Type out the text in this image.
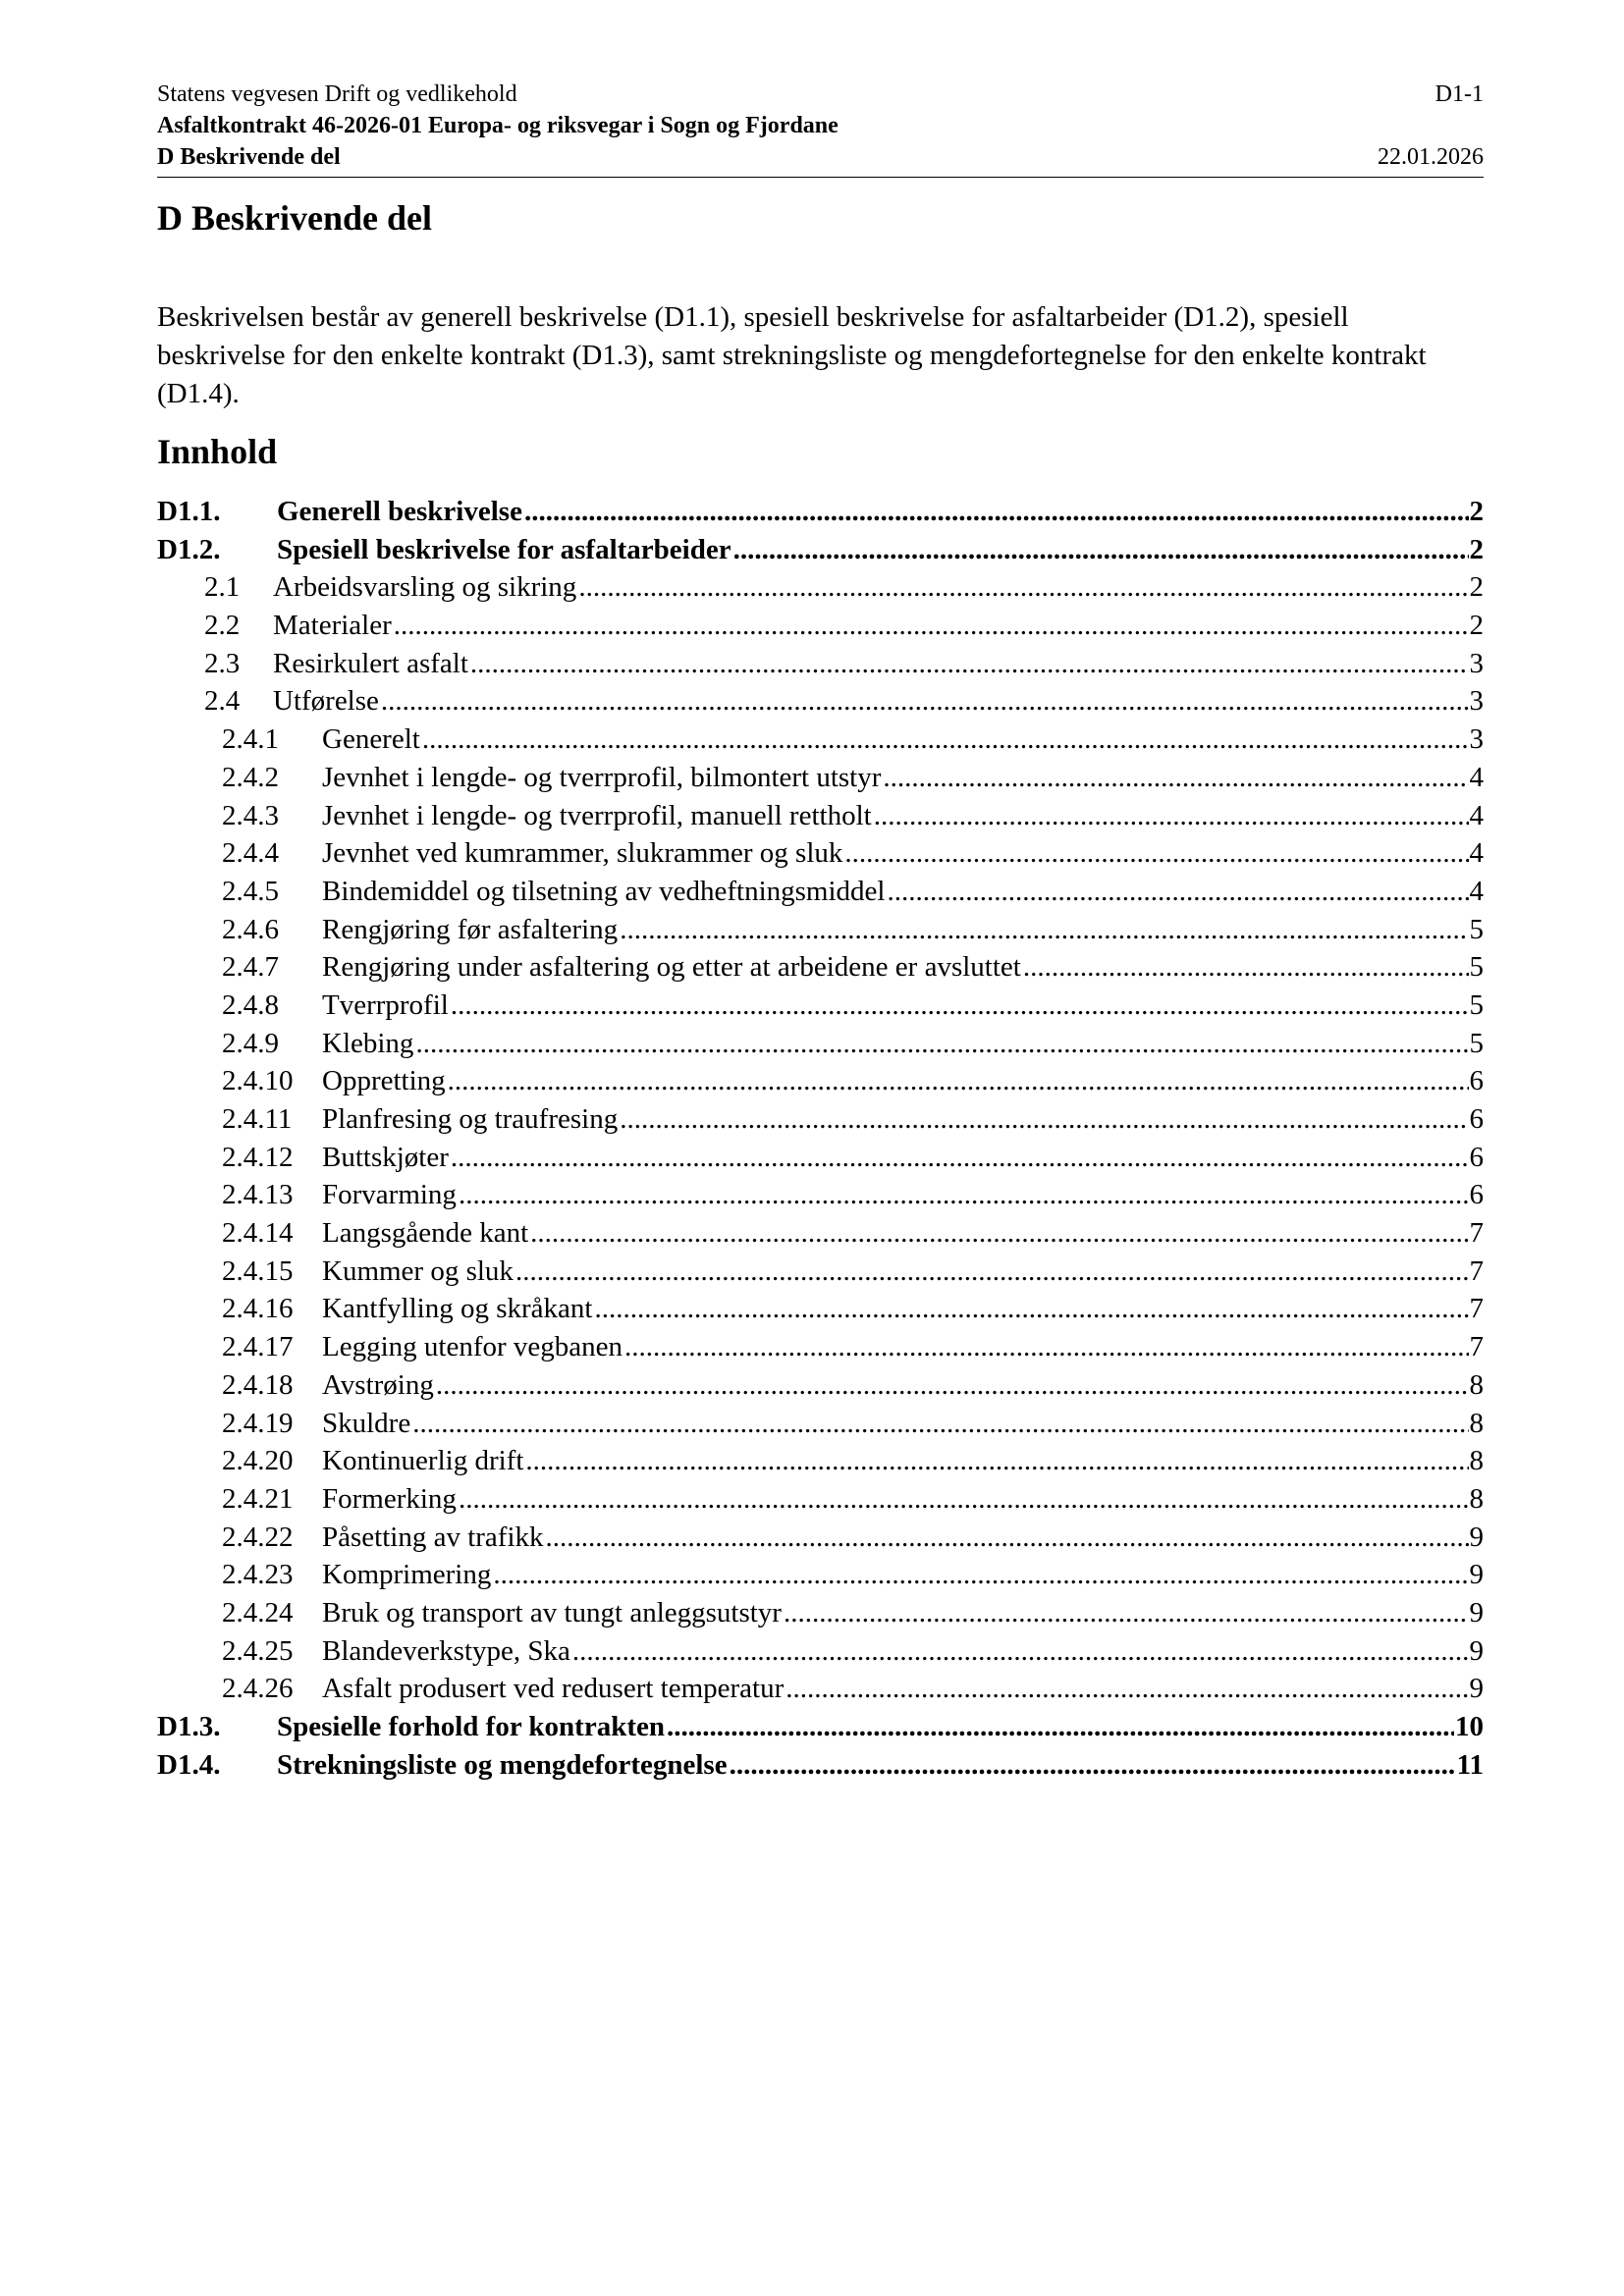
Statens vegvesen Drift og vedlikehold	D1-1
Asfaltkontrakt 46-2026-01 Europa- og riksvegar i Sogn og Fjordane
D Beskrivende del	22.01.2026
D Beskrivende del

Beskrivelsen består av generell beskrivelse (D1.1), spesiell beskrivelse for asfaltarbeider (D1.2), spesiell beskrivelse for den enkelte kontrakt (D1.3), samt strekningsliste og mengdefortegnelse for den enkelte kontrakt (D1.4).

Innhold
D1.1. Generell beskrivelse .....	2
D1.2. Spesiell beskrivelse for asfaltarbeider .....	2
2.1 Arbeidsvarsling og sikring .....	2
2.2 Materialer .....	2
2.3 Resirkulert asfalt .....	3
2.4 Utførelse .....	3
2.4.1 Generelt .....	3
2.4.2 Jevnhet i lengde- og tverrprofil, bilmontert utstyr .....	4
2.4.3 Jevnhet i lengde- og tverrprofil, manuell rettholt .....	4
2.4.4 Jevnhet ved kumrammer, slukrammer og sluk .....	4
2.4.5 Bindemiddel og tilsetning av vedheftningsmiddel .....	4
2.4.6 Rengjøring før asfaltering .....	5
2.4.7 Rengjøring under asfaltering og etter at arbeidene er avsluttet .....	5
2.4.8 Tverrprofil .....	5
2.4.9 Klebing .....	5
2.4.10 Oppretting .....	6
2.4.11 Planfresing og traufresing .....	6
2.4.12 Buttskjøter .....	6
2.4.13 Forvarming .....	6
2.4.14 Langsgående kant .....	7
2.4.15 Kummer og sluk .....	7
2.4.16 Kantfylling og skråkant .....	7
2.4.17 Legging utenfor vegbanen .....	7
2.4.18 Avstrøing .....	8
2.4.19 Skuldre .....	8
2.4.20 Kontinuerlig drift .....	8
2.4.21 Formerking .....	8
2.4.22 Påsetting av trafikk .....	9
2.4.23 Komprimering .....	9
2.4.24 Bruk og transport av tungt anleggsutstyr .....	9
2.4.25 Blandeverkstype, Ska .....	9
2.4.26 Asfalt produsert ved redusert temperatur .....	9
D1.3. Spesielle forhold for kontrakten .....	10
D1.4. Strekningsliste og mengdefortegnelse .....	11
